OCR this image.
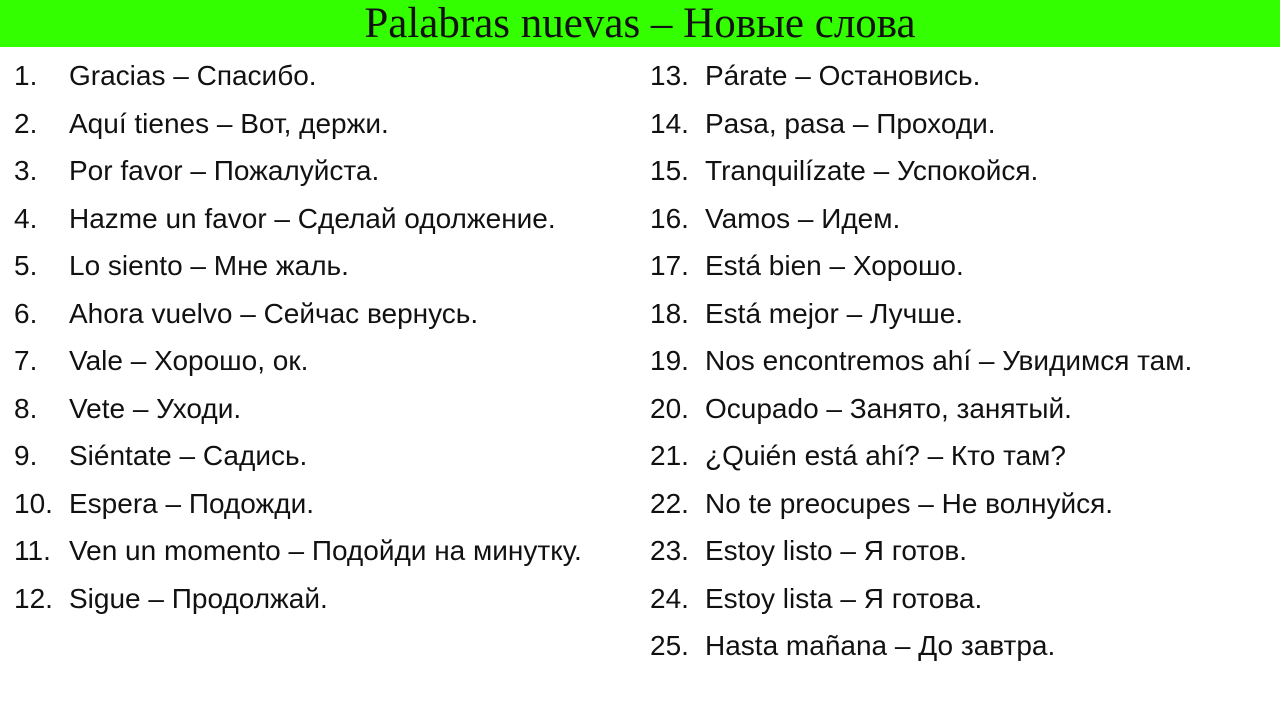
Palabras nuevas – Новые слова
1. Gracias – Спасибо.
2. Aquí tienes – Вот, держи.
3. Por favor – Пожалуйста.
4. Hazme un favor – Сделай одолжение.
5. Lo siento – Мне жаль.
6. Ahora vuelvo – Сейчас вернусь.
7. Vale – Хорошо, ок.
8. Vete – Уходи.
9. Siéntate – Садись.
10. Espera – Подожди.
11. Ven un momento – Подойди на минутку.
12. Sigue – Продолжай.
13. Párate – Остановись.
14. Pasa, pasa – Проходи.
15. Tranquilízate – Успокойся.
16. Vamos – Идем.
17. Está bien – Хорошо.
18. Está mejor – Лучше.
19. Nos encontremos ahí – Увидимся там.
20. Ocupado – Занято, занятый.
21. ¿Quién está ahí? – Кто там?
22. No te preocupes – Не волнуйся.
23. Estoy listo – Я готов.
24. Estoy lista – Я готова.
25. Hasta mañana – До завтра.
